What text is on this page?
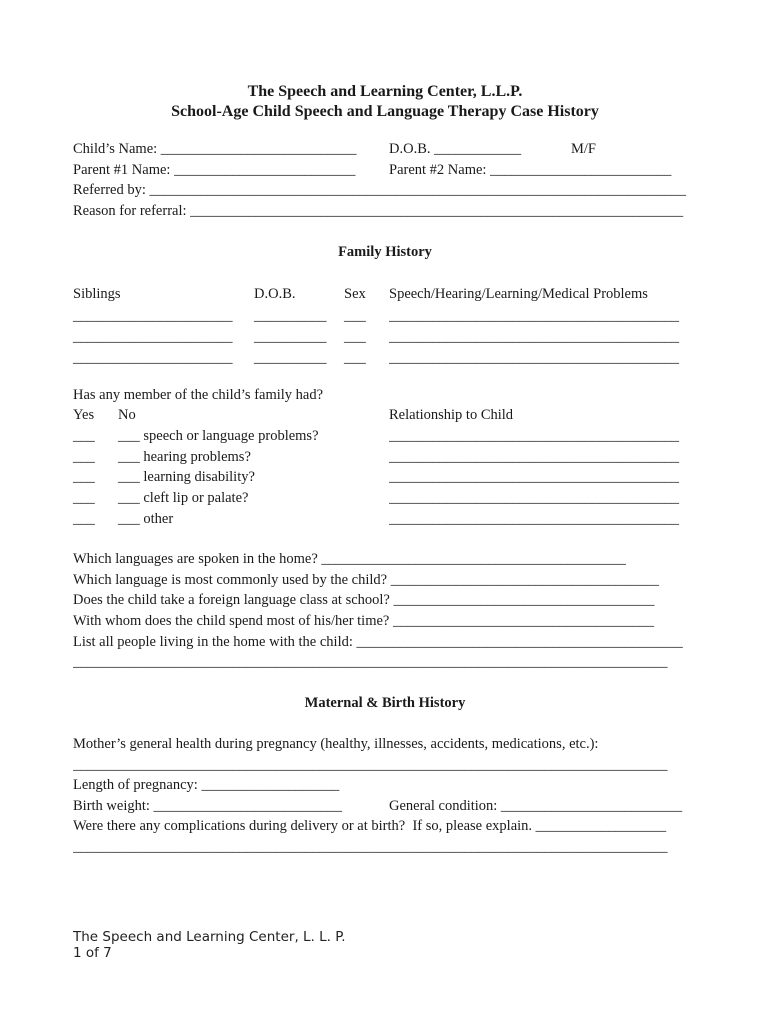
The Speech and Learning Center, L.L.P.
School-Age Child Speech and Language Therapy Case History
Child’s Name: ___________________________ D.O.B. ____________	M/F
Parent #1 Name: _________________________ Parent #2 Name: _________________________
Referred by: __________________________________________________________________________
Reason for referral: ____________________________________________________________________
Family History
Siblings	D.O.B.	Sex Speech/Hearing/Learning/Medical Problems
______________________ __________ ___ ________________________________________
______________________ __________ ___ ________________________________________
______________________ __________ ___ ________________________________________
Has any member of the child’s family had?
Yes No	Relationship to Child
___ ___ speech or language problems?	________________________________________
___ ___ hearing problems?	________________________________________
___ ___ learning disability?	________________________________________
___ ___ cleft lip or palate?	________________________________________
___ ___ other	________________________________________
Which languages are spoken in the home? __________________________________________
Which language is most commonly used by the child? _____________________________________
Does the child take a foreign language class at school? ____________________________________
With whom does the child spend most of his/her time? ____________________________________
List all people living in the home with the child: _____________________________________________
__________________________________________________________________________________
Maternal & Birth History
Mother’s general health during pregnancy (healthy, illnesses, accidents, medications, etc.):
__________________________________________________________________________________
Length of pregnancy: ___________________
Birth weight: __________________________	General condition: _________________________
Were there any complications during delivery or at birth?  If so, please explain. __________________
__________________________________________________________________________________
The Speech and Learning Center, L. L. P.
1 of 7
